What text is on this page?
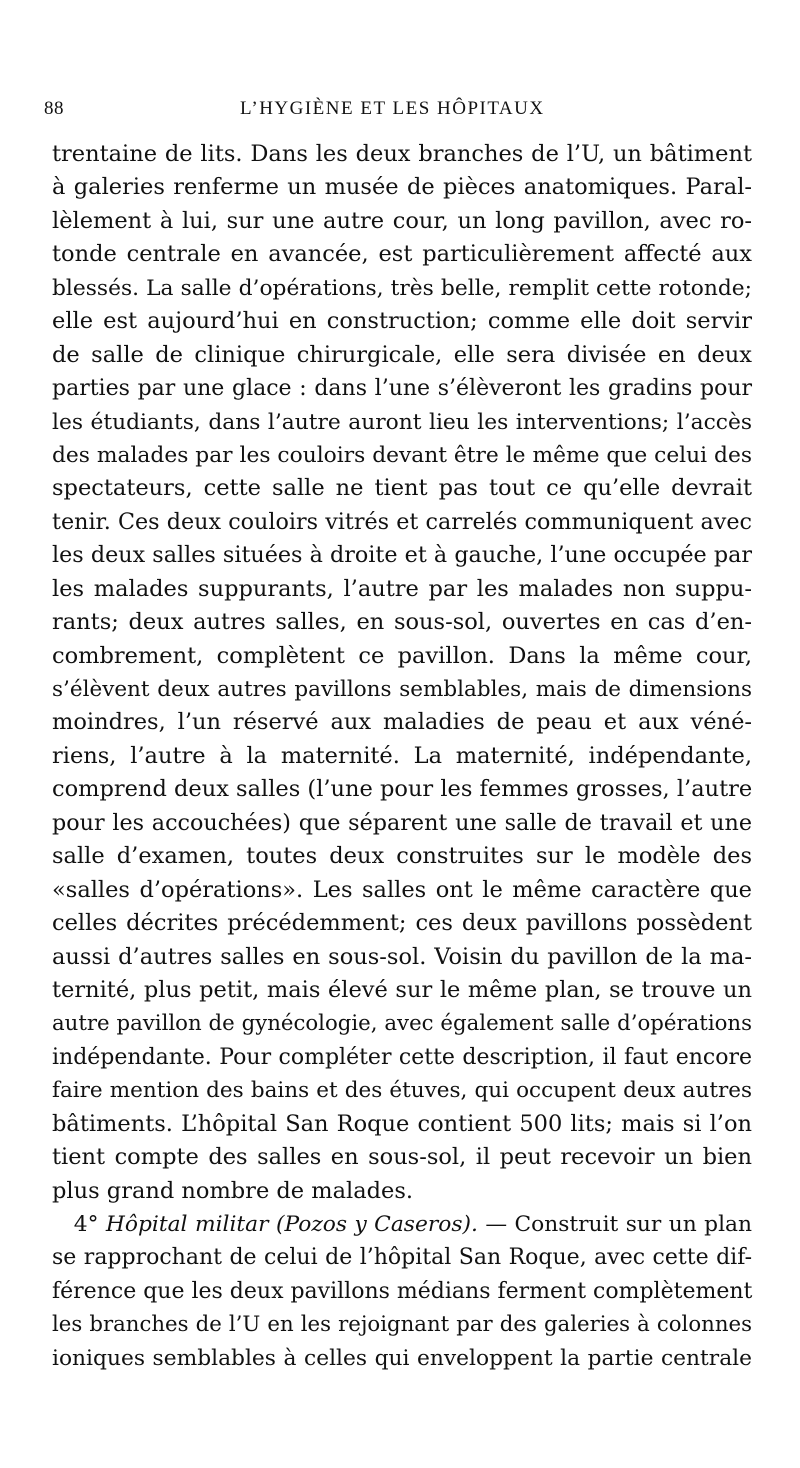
88	L’HYGIÈNE ET LES HÔPITAUX
trentaine de lits. Dans les deux branches de l’U, un bâtiment
à galeries renferme un musée de pièces anatomiques. Paral-
lèlement à lui, sur une autre cour, un long pavillon, avec ro-
tonde centrale en avancée, est particulièrement affecté aux
blessés. La salle d’opérations, très belle, remplit cette rotonde;
elle est aujourd’hui en construction; comme elle doit servir
de salle de clinique chirurgicale, elle sera divisée en deux
parties par une glace : dans l’une s’élèveront les gradins pour
les étudiants, dans l’autre auront lieu les interventions; l’accès
des malades par les couloirs devant être le même que celui des
spectateurs, cette salle ne tient pas tout ce qu’elle devrait
tenir. Ces deux couloirs vitrés et carrelés communiquent avec
les deux salles situées à droite et à gauche, l’une occupée par
les malades suppurants, l’autre par les malades non suppu-
rants; deux autres salles, en sous-sol, ouvertes en cas d’en-
combrement, complètent ce pavillon. Dans la même cour,
s’élèvent deux autres pavillons semblables, mais de dimensions
moindres, l’un réservé aux maladies de peau et aux véné-
riens, l’autre à la maternité. La maternité, indépendante,
comprend deux salles (l’une pour les femmes grosses, l’autre
pour les accouchées) que séparent une salle de travail et une
salle d’examen, toutes deux construites sur le modèle des
«salles d’opérations». Les salles ont le même caractère que
celles décrites précédemment; ces deux pavillons possèdent
aussi d’autres salles en sous-sol. Voisin du pavillon de la ma-
ternité, plus petit, mais élevé sur le même plan, se trouve un
autre pavillon de gynécologie, avec également salle d’opérations
indépendante. Pour compléter cette description, il faut encore
faire mention des bains et des étuves, qui occupent deux autres
bâtiments. L’hôpital San Roque contient 500 lits; mais si l’on
tient compte des salles en sous-sol, il peut recevoir un bien
plus grand nombre de malades.
 4° Hôpital militar (Pozos y Caseros). — Construit sur un plan
se rapprochant de celui de l’hôpital San Roque, avec cette dif-
férence que les deux pavillons médians ferment complètement
les branches de l’U en les rejoignant par des galeries à colonnes
ioniques semblables à celles qui enveloppent la partie centrale
